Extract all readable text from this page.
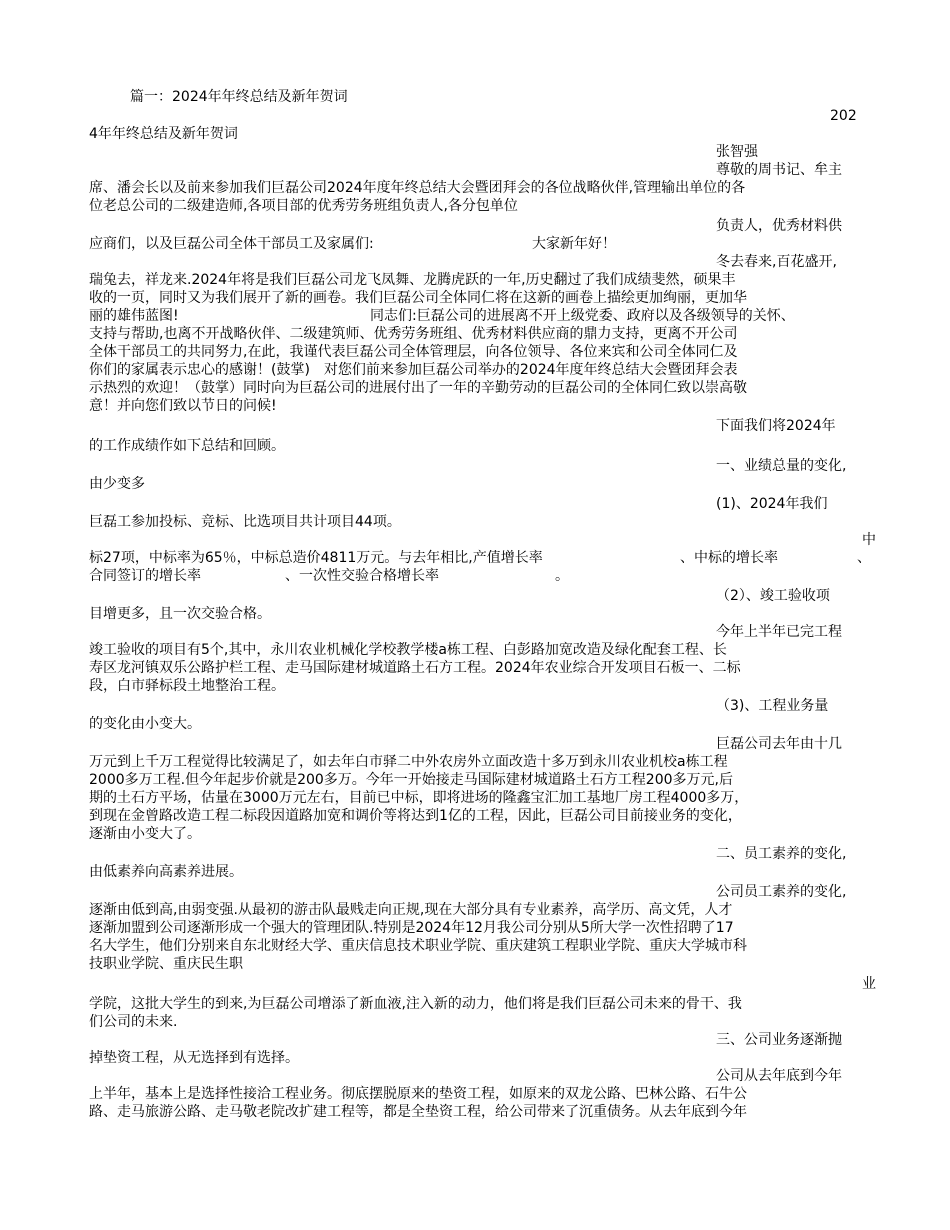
篇一：2024年年终总结及新年贺词
202
4年年终总结及新年贺词
张智强
尊敬的周书记、牟主
席、潘会长以及前来参加我们巨磊公司2024年度年终总结大会暨团拜会的各位战略伙伴,管理输出单位的各
位老总公司的二级建造师,各项目部的优秀劳务班组负责人,各分包单位
负责人，优秀材料供
应商们，以及巨磊公司全体干部员工及家属们:	大家新年好！
冬去春来,百花盛开,
瑞兔去，祥龙来.2024年将是我们巨磊公司龙飞凤舞、龙腾虎跃的一年,历史翻过了我们成绩斐然，硕果丰
收的一页，同时又为我们展开了新的画卷。我们巨磊公司全体同仁将在这新的画卷上描绘更加绚丽，更加华
丽的雄伟蓝图!	同志们:巨磊公司的进展离不开上级党委、政府以及各级领导的关怀、
支持与帮助,也离不开战略伙伴、二级建筑师、优秀劳务班组、优秀材料供应商的鼎力支持，更离不开公司
全体干部员工的共同努力,在此，我谨代表巨磊公司全体管理层，向各位领导、各位来宾和公司全体同仁及
你们的家属表示忠心的感谢！(鼓掌)　对您们前来参加巨磊公司举办的2024年度年终总结大会暨团拜会表
示热烈的欢迎！（鼓掌）同时向为巨磊公司的进展付出了一年的辛勤劳动的巨磊公司的全体同仁致以崇高敬
意！并向您们致以节日的问候!
下面我们将2024年
的工作成绩作如下总结和回顾。
一、业绩总量的变化,
由少变多
(1)、2024年我们
巨磊工参加投标、竞标、比选项目共计项目44项。
中
标27项，中标率为65％，中标总造价4811万元。与去年相比,产值增长率	、中标的增长率	、
合同签订的增长率	、一次性交验合格增长率	。
（2）、竣工验收项
目增更多，且一次交验合格。
今年上半年已完工程
竣工验收的项目有5个,其中，永川农业机械化学校教学楼a栋工程、白彭路加宽改造及绿化配套工程、长
寿区龙河镇双乐公路护栏工程、走马国际建材城道路土石方工程。2024年农业综合开发项目石板一、二标
段，白市驿标段土地整治工程。
（3)、工程业务量
的变化由小变大。
巨磊公司去年由十几
万元到上千万工程觉得比较满足了，如去年白市驿二中外农房外立面改造十多万到永川农业机校a栋工程
2000多万工程.但今年起步价就是200多万。今年一开始接走马国际建材城道路土石方工程200多万元,后
期的土石方平场，估量在3000万元左右，目前已中标，即将进场的隆鑫宝汇加工基地厂房工程4000多万，
到现在金曾路改造工程二标段因道路加宽和调价等将达到1亿的工程，因此，巨磊公司目前接业务的变化，
逐渐由小变大了。
二、员工素养的变化,
由低素养向高素养进展。
公司员工素养的变化,
逐渐由低到高,由弱变强.从最初的游击队最贱走向正规,现在大部分具有专业素养，高学历、高文凭，人才
逐渐加盟到公司逐渐形成一个强大的管理团队.特别是2024年12月我公司分别从5所大学一次性招聘了17
名大学生，他们分别来自东北财经大学、重庆信息技术职业学院、重庆建筑工程职业学院、重庆大学城市科
技职业学院、重庆民生职
业
学院，这批大学生的到来,为巨磊公司增添了新血液,注入新的动力，他们将是我们巨磊公司未来的骨干、我
们公司的未来.
三、公司业务逐渐抛
掉垫资工程，从无选择到有选择。
公司从去年底到今年
上半年，基本上是选择性接洽工程业务。彻底摆脱原来的垫资工程，如原来的双龙公路、巴林公路、石牛公
路、走马旅游公路、走马敬老院改扩建工程等，都是全垫资工程，给公司带来了沉重债务。从去年底到今年
